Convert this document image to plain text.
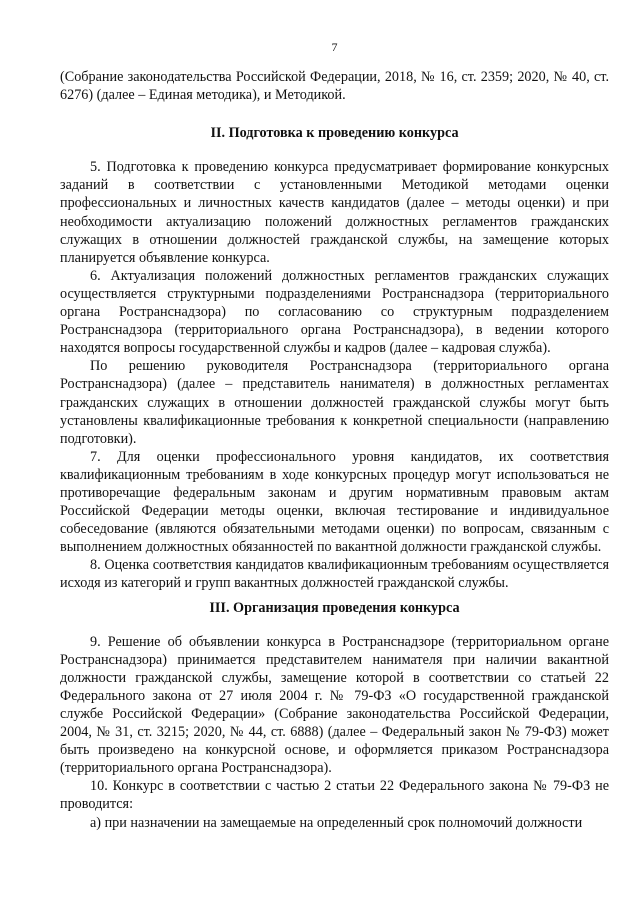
7

(Собрание законодательства Российской Федерации, 2018, № 16, ст. 2359; 2020, № 40, ст. 6276) (далее – Единая методика), и Методикой.

II. Подготовка к проведению конкурса

5. Подготовка к проведению конкурса предусматривает формирование конкурсных заданий в соответствии с установленными Методикой методами оценки профессиональных и личностных качеств кандидатов (далее – методы оценки) и при необходимости актуализацию положений должностных регламентов гражданских служащих в отношении должностей гражданской службы, на замещение которых планируется объявление конкурса.

6. Актуализация положений должностных регламентов гражданских служащих осуществляется структурными подразделениями Ространснадзора (территориального органа Ространснадзора) по согласованию со структурным подразделением Ространснадзора (территориального органа Ространснадзора), в ведении которого находятся вопросы государственной службы и кадров (далее – кадровая служба).

По решению руководителя Ространснадзора (территориального органа Ространснадзора) (далее – представитель нанимателя) в должностных регламентах гражданских служащих в отношении должностей гражданской службы могут быть установлены квалификационные требования к конкретной специальности (направлению подготовки).

7. Для оценки профессионального уровня кандидатов, их соответствия квалификационным требованиям в ходе конкурсных процедур могут использоваться не противоречащие федеральным законам и другим нормативным правовым актам Российской Федерации методы оценки, включая тестирование и индивидуальное собеседование (являются обязательными методами оценки) по вопросам, связанным с выполнением должностных обязанностей по вакантной должности гражданской службы.

8. Оценка соответствия кандидатов квалификационным требованиям осуществляется исходя из категорий и групп вакантных должностей гражданской службы.

III. Организация проведения конкурса

9. Решение об объявлении конкурса в Ространснадзоре (территориальном органе Ространснадзора) принимается представителем нанимателя при наличии вакантной должности гражданской службы, замещение которой в соответствии со статьей 22 Федерального закона от 27 июля 2004 г. № 79-ФЗ «О государственной гражданской службе Российской Федерации» (Собрание законодательства Российской Федерации, 2004, № 31, ст. 3215; 2020, № 44, ст. 6888) (далее – Федеральный закон № 79-ФЗ) может быть произведено на конкурсной основе, и оформляется приказом Ространснадзора (территориального органа Ространснадзора).

10. Конкурс в соответствии с частью 2 статьи 22 Федерального закона № 79-ФЗ не проводится:

а) при назначении на замещаемые на определенный срок полномочий должности
